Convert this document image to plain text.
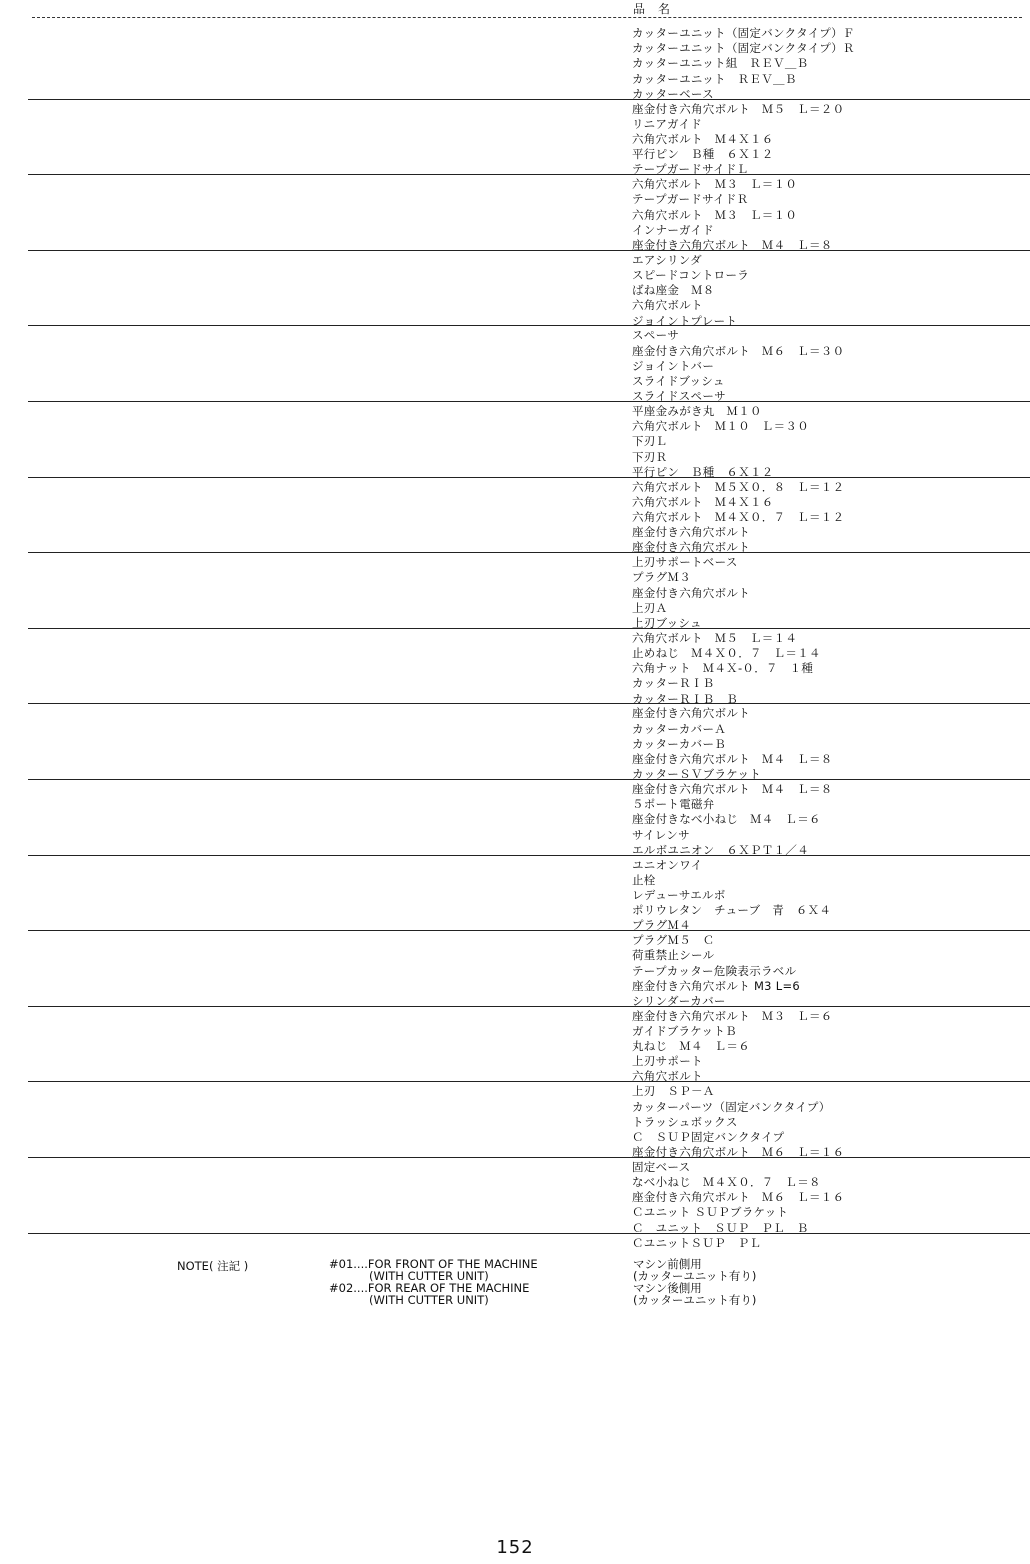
品　名
カッターユニット（固定バンクタイプ）Ｆ
カッターユニット（固定バンクタイプ）Ｒ
カッターユニット組　ＲＥＶ＿Ｂ
カッターユニット　ＲＥＶ＿Ｂ
カッターベース
座金付き六角穴ボルト　Ｍ５　Ｌ＝２０
リニアガイド
六角穴ボルト　Ｍ４Ｘ１６
平行ピン　Ｂ種　６Ｘ１２
テープガードサイドＬ
六角穴ボルト　Ｍ３　Ｌ＝１０
テープガードサイドＲ
六角穴ボルト　Ｍ３　Ｌ＝１０
インナーガイド
座金付き六角穴ボルト　Ｍ４　Ｌ＝８
エアシリンダ
スピードコントローラ
ばね座金　Ｍ８
六角穴ボルト
ジョイントプレート
スペーサ
座金付き六角穴ボルト　Ｍ６　Ｌ＝３０
ジョイントバー
スライドブッシュ
スライドスペーサ
平座金みがき丸　Ｍ１０
六角穴ボルト　Ｍ１０　Ｌ＝３０
下刃Ｌ
下刃Ｒ
平行ピン　Ｂ種　６Ｘ１２
六角穴ボルト　Ｍ５Ｘ０．８　Ｌ＝１２
六角穴ボルト　Ｍ４Ｘ１６
六角穴ボルト　Ｍ４Ｘ０．７　Ｌ＝１２
座金付き六角穴ボルト
座金付き六角穴ボルト
上刃サポートベース
プラグＭ３
座金付き六角穴ボルト
上刃Ａ
上刃ブッシュ
六角穴ボルト　Ｍ５　Ｌ＝１４
止めねじ　Ｍ４Ｘ０．７　Ｌ＝１４
六角ナット　Ｍ４Ｘ-０．７　１種
カッターＲＩＢ
カッターＲＩＢ　Ｂ
座金付き六角穴ボルト
カッターカバーＡ
カッターカバーＢ
座金付き六角穴ボルト　Ｍ４　Ｌ＝８
カッターＳＶブラケット
座金付き六角穴ボルト　Ｍ４　Ｌ＝８
５ポート電磁弁
座金付きなべ小ねじ　Ｍ４　Ｌ＝６
サイレンサ
エルボユニオン　６ＸＰＴ１／４
ユニオンワイ
止栓
レデューサエルボ
ポリウレタン　チューブ　青　６Ｘ４
プラグＭ４
プラグＭ５　Ｃ
荷重禁止シール
テープカッター危険表示ラベル
座金付き六角穴ボルト M3 L=6
シリンダーカバー
座金付き六角穴ボルト　Ｍ３　Ｌ＝６
ガイドブラケットＢ
丸ねじ　Ｍ４　Ｌ＝６
上刃サポート
六角穴ボルト
上刃　ＳＰ－Ａ
カッターパーツ（固定バンクタイプ）
トラッシュボックス
Ｃ　ＳＵＰ固定バンクタイプ
座金付き六角穴ボルト　Ｍ６　Ｌ＝１６
固定ベース
なべ小ねじ　Ｍ４Ｘ０．７　Ｌ＝８
座金付き六角穴ボルト　Ｍ６　Ｌ＝１６
Ｃユニット ＳＵＰブラケット
Ｃ　ユニット　ＳＵＰ　ＰＬ　Ｂ
ＣユニットＳＵＰ　ＰＬ
NOTE( 注記 )	#01....FOR FRONT OF THE MACHINE
(WITH CUTTER UNIT)
#02....FOR REAR OF THE MACHINE
(WITH CUTTER UNIT)
マシン前側用
(カッターユニット有り)
マシン後側用
(カッターユニット有り)
152
